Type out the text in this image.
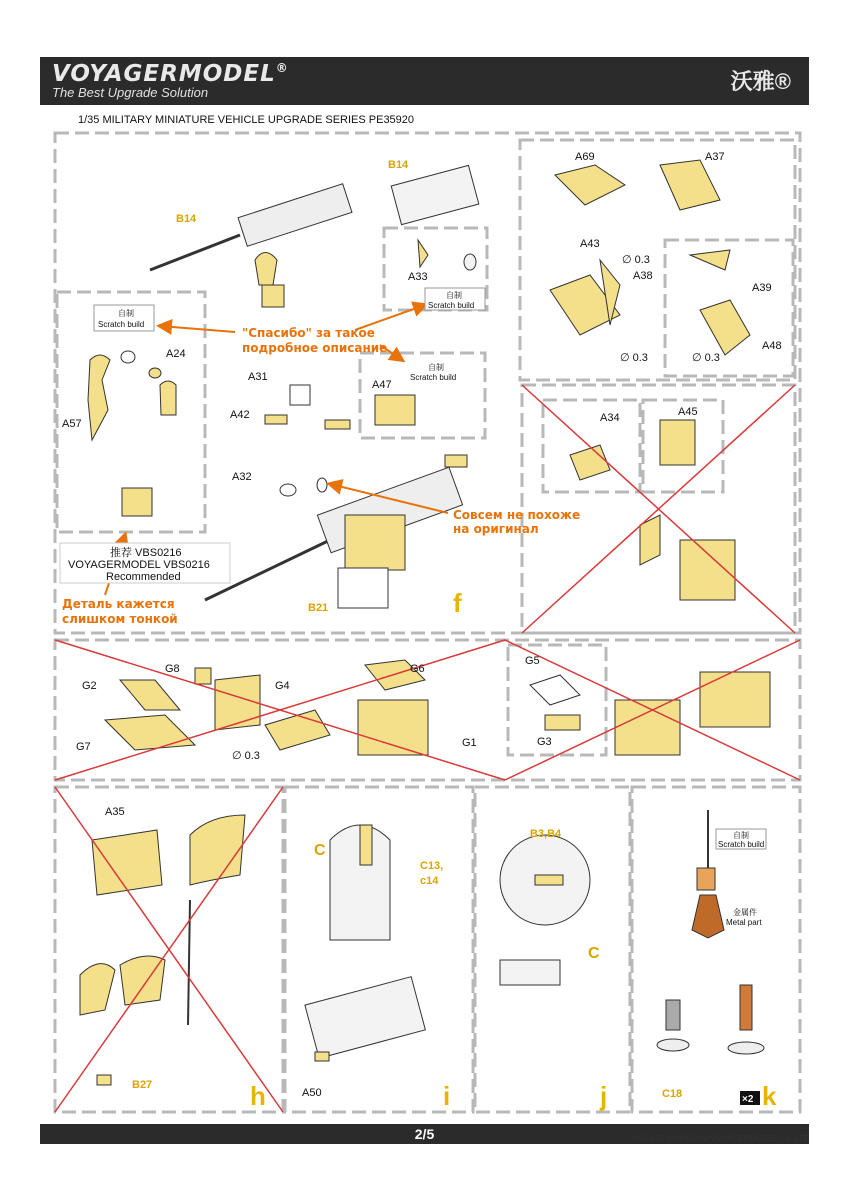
VOYAGERMODEL®
The Best Upgrade Solution	沃雅®
1/35 MILITARY MINIATURE VEHICLE UPGRADE SERIES PE35920
B14
B14
A33
A69	A37
A43
A38
A39
A48
A24
A57
A31
A42
A47
A32
B21
A34	A45
G8
G2	G4
G7
G6
G1
G5
G3
A35
B27
C
C13,
c14
A50
B3,B4
C
C18	×2
∅ 0.3
∅ 0.3	∅ 0.3
∅ 0.3
自制
Scratch build
自制
Scratch build
自制
Scratch build
自制
Scratch build
金属件
Metal part
推荐 VBS0216
VOYAGERMODEL VBS0216
Recommended
"Спасибо" за такое
подробное описание
Совсем не похоже
на оригинал
Деталь кажется
слишком тонкой
f
h	i	j	k
2/5	Ⓒ2003-20 SHANGHAI VOYAGERMODEL Co.,LTD
